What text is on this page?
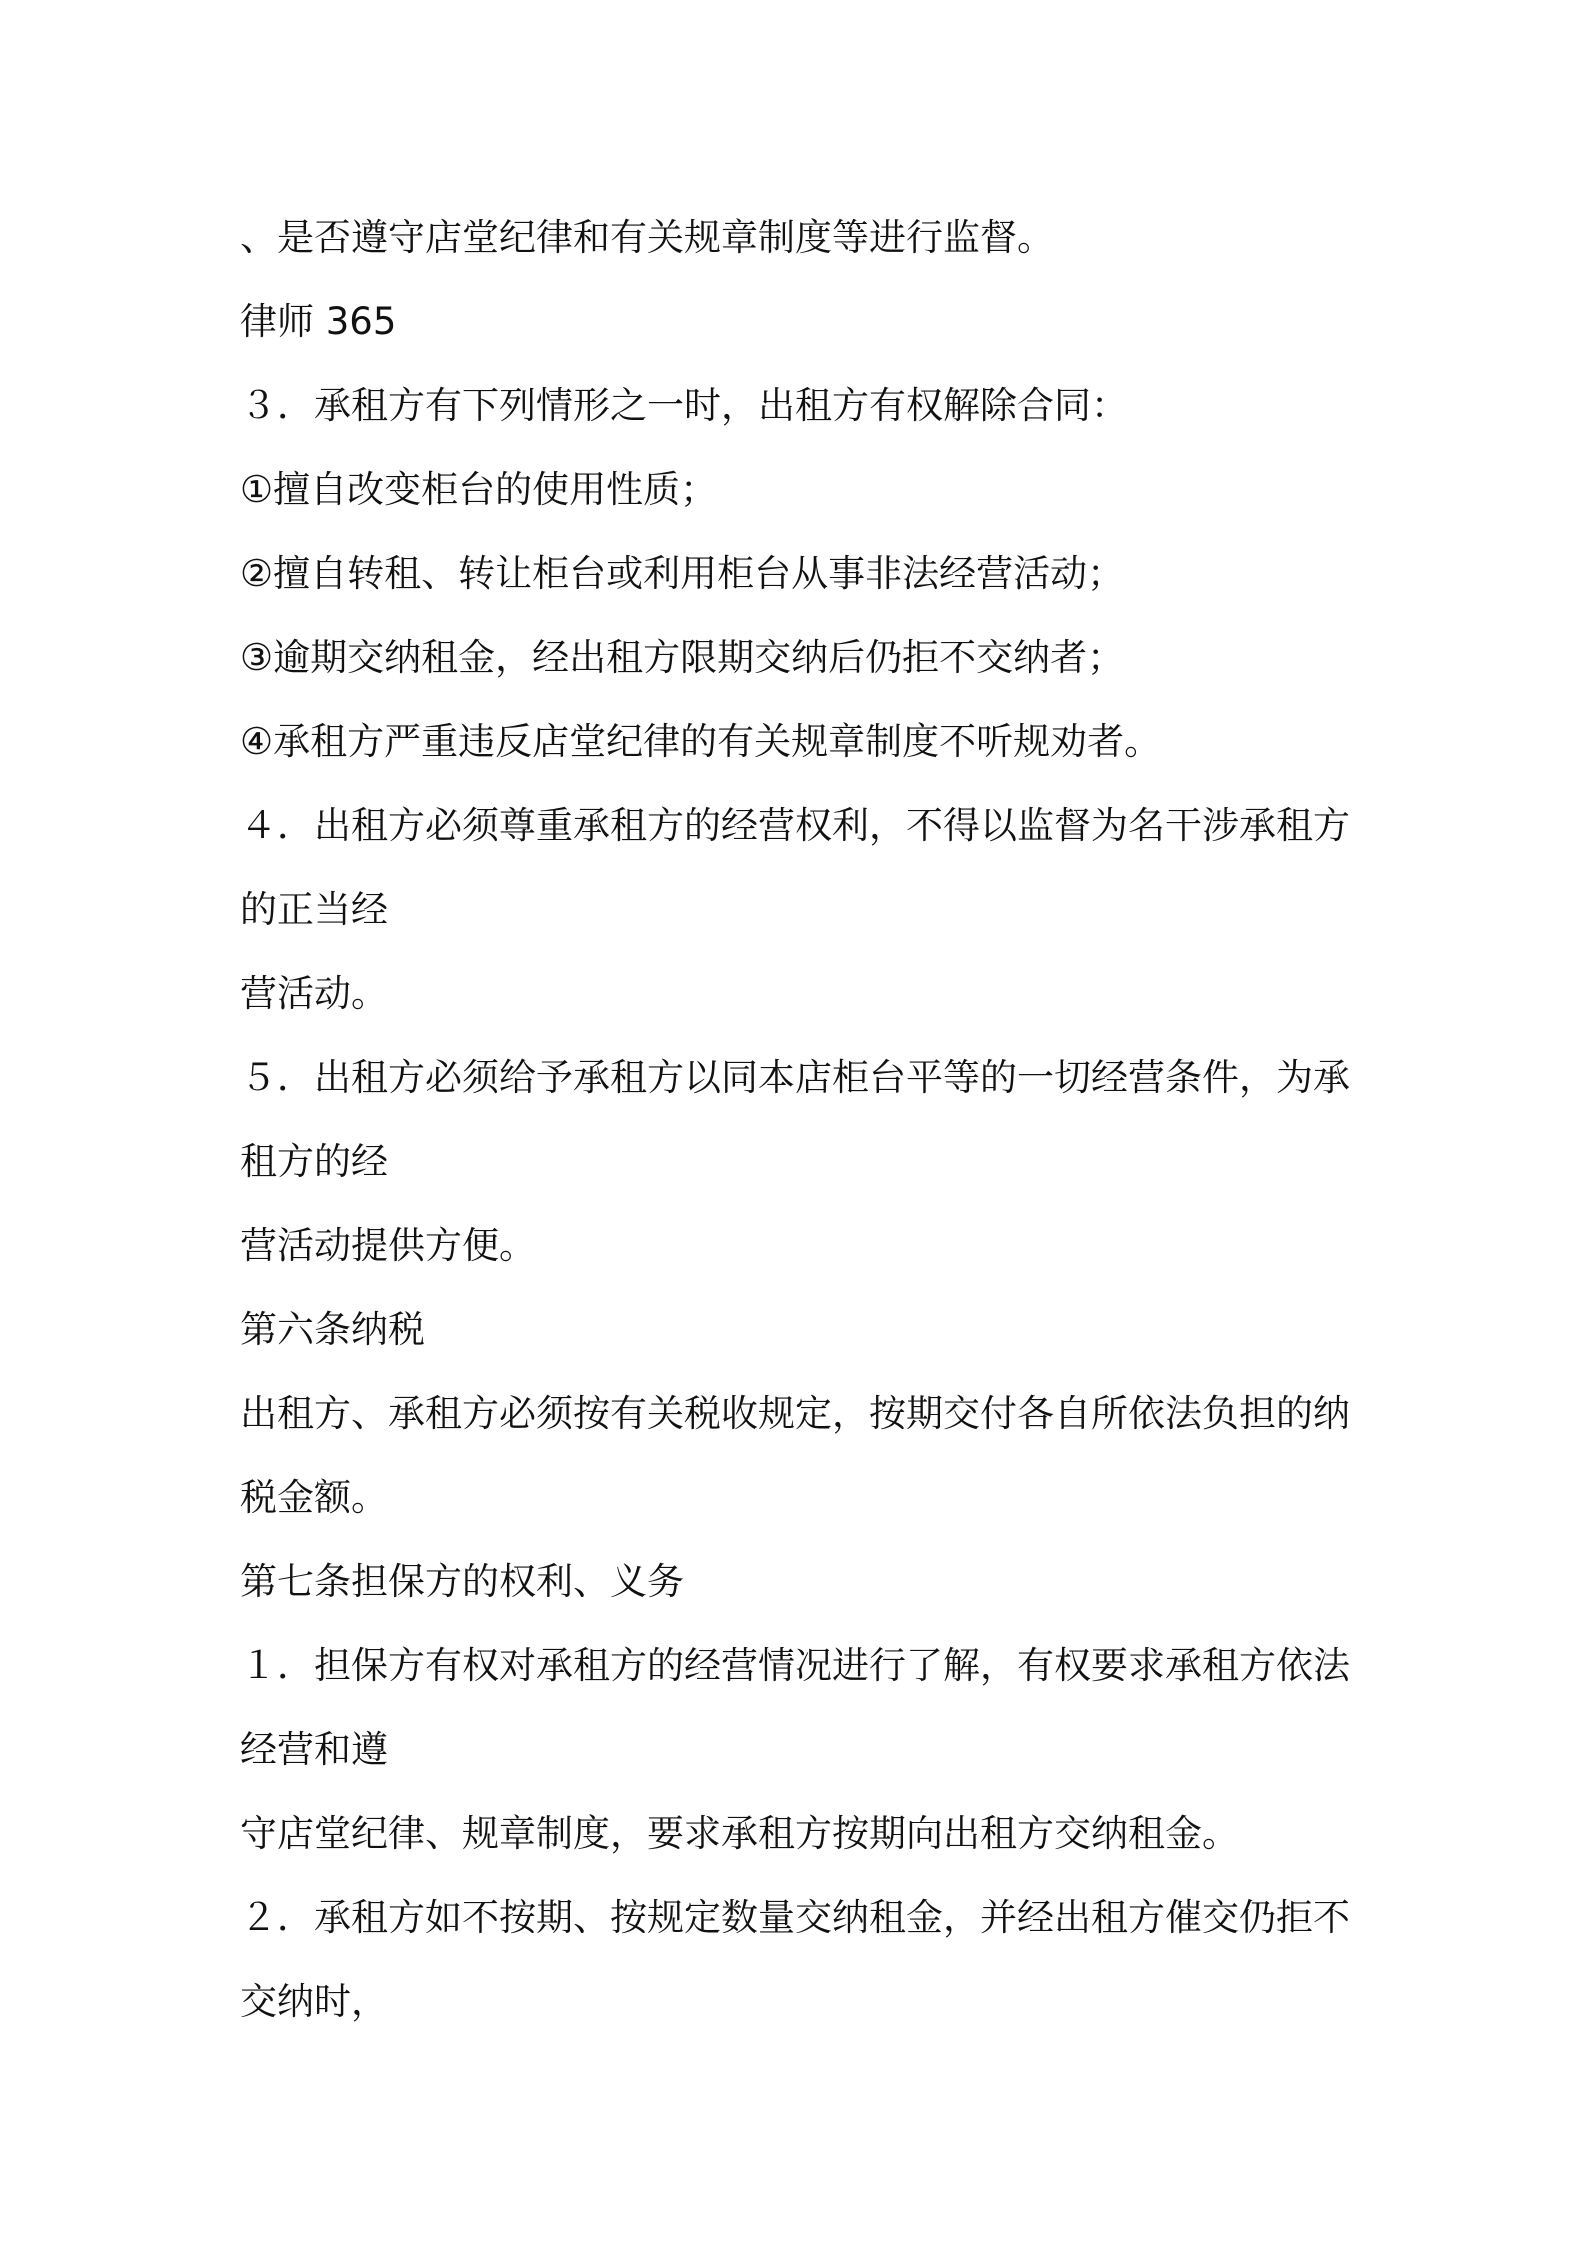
、是否遵守店堂纪律和有关规章制度等进行监督。
律师 365
３．承租方有下列情形之一时，出租方有权解除合同：
①擅自改变柜台的使用性质；
②擅自转租、转让柜台或利用柜台从事非法经营活动；
③逾期交纳租金，经出租方限期交纳后仍拒不交纳者；
④承租方严重违反店堂纪律的有关规章制度不听规劝者。
４．出租方必须尊重承租方的经营权利，不得以监督为名干涉承租方
的正当经
营活动。
５．出租方必须给予承租方以同本店柜台平等的一切经营条件，为承
租方的经
营活动提供方便。
第六条纳税
出租方、承租方必须按有关税收规定，按期交付各自所依法负担的纳
税金额。
第七条担保方的权利、义务
１．担保方有权对承租方的经营情况进行了解，有权要求承租方依法
经营和遵
守店堂纪律、规章制度，要求承租方按期向出租方交纳租金。
２．承租方如不按期、按规定数量交纳租金，并经出租方催交仍拒不
交纳时，
